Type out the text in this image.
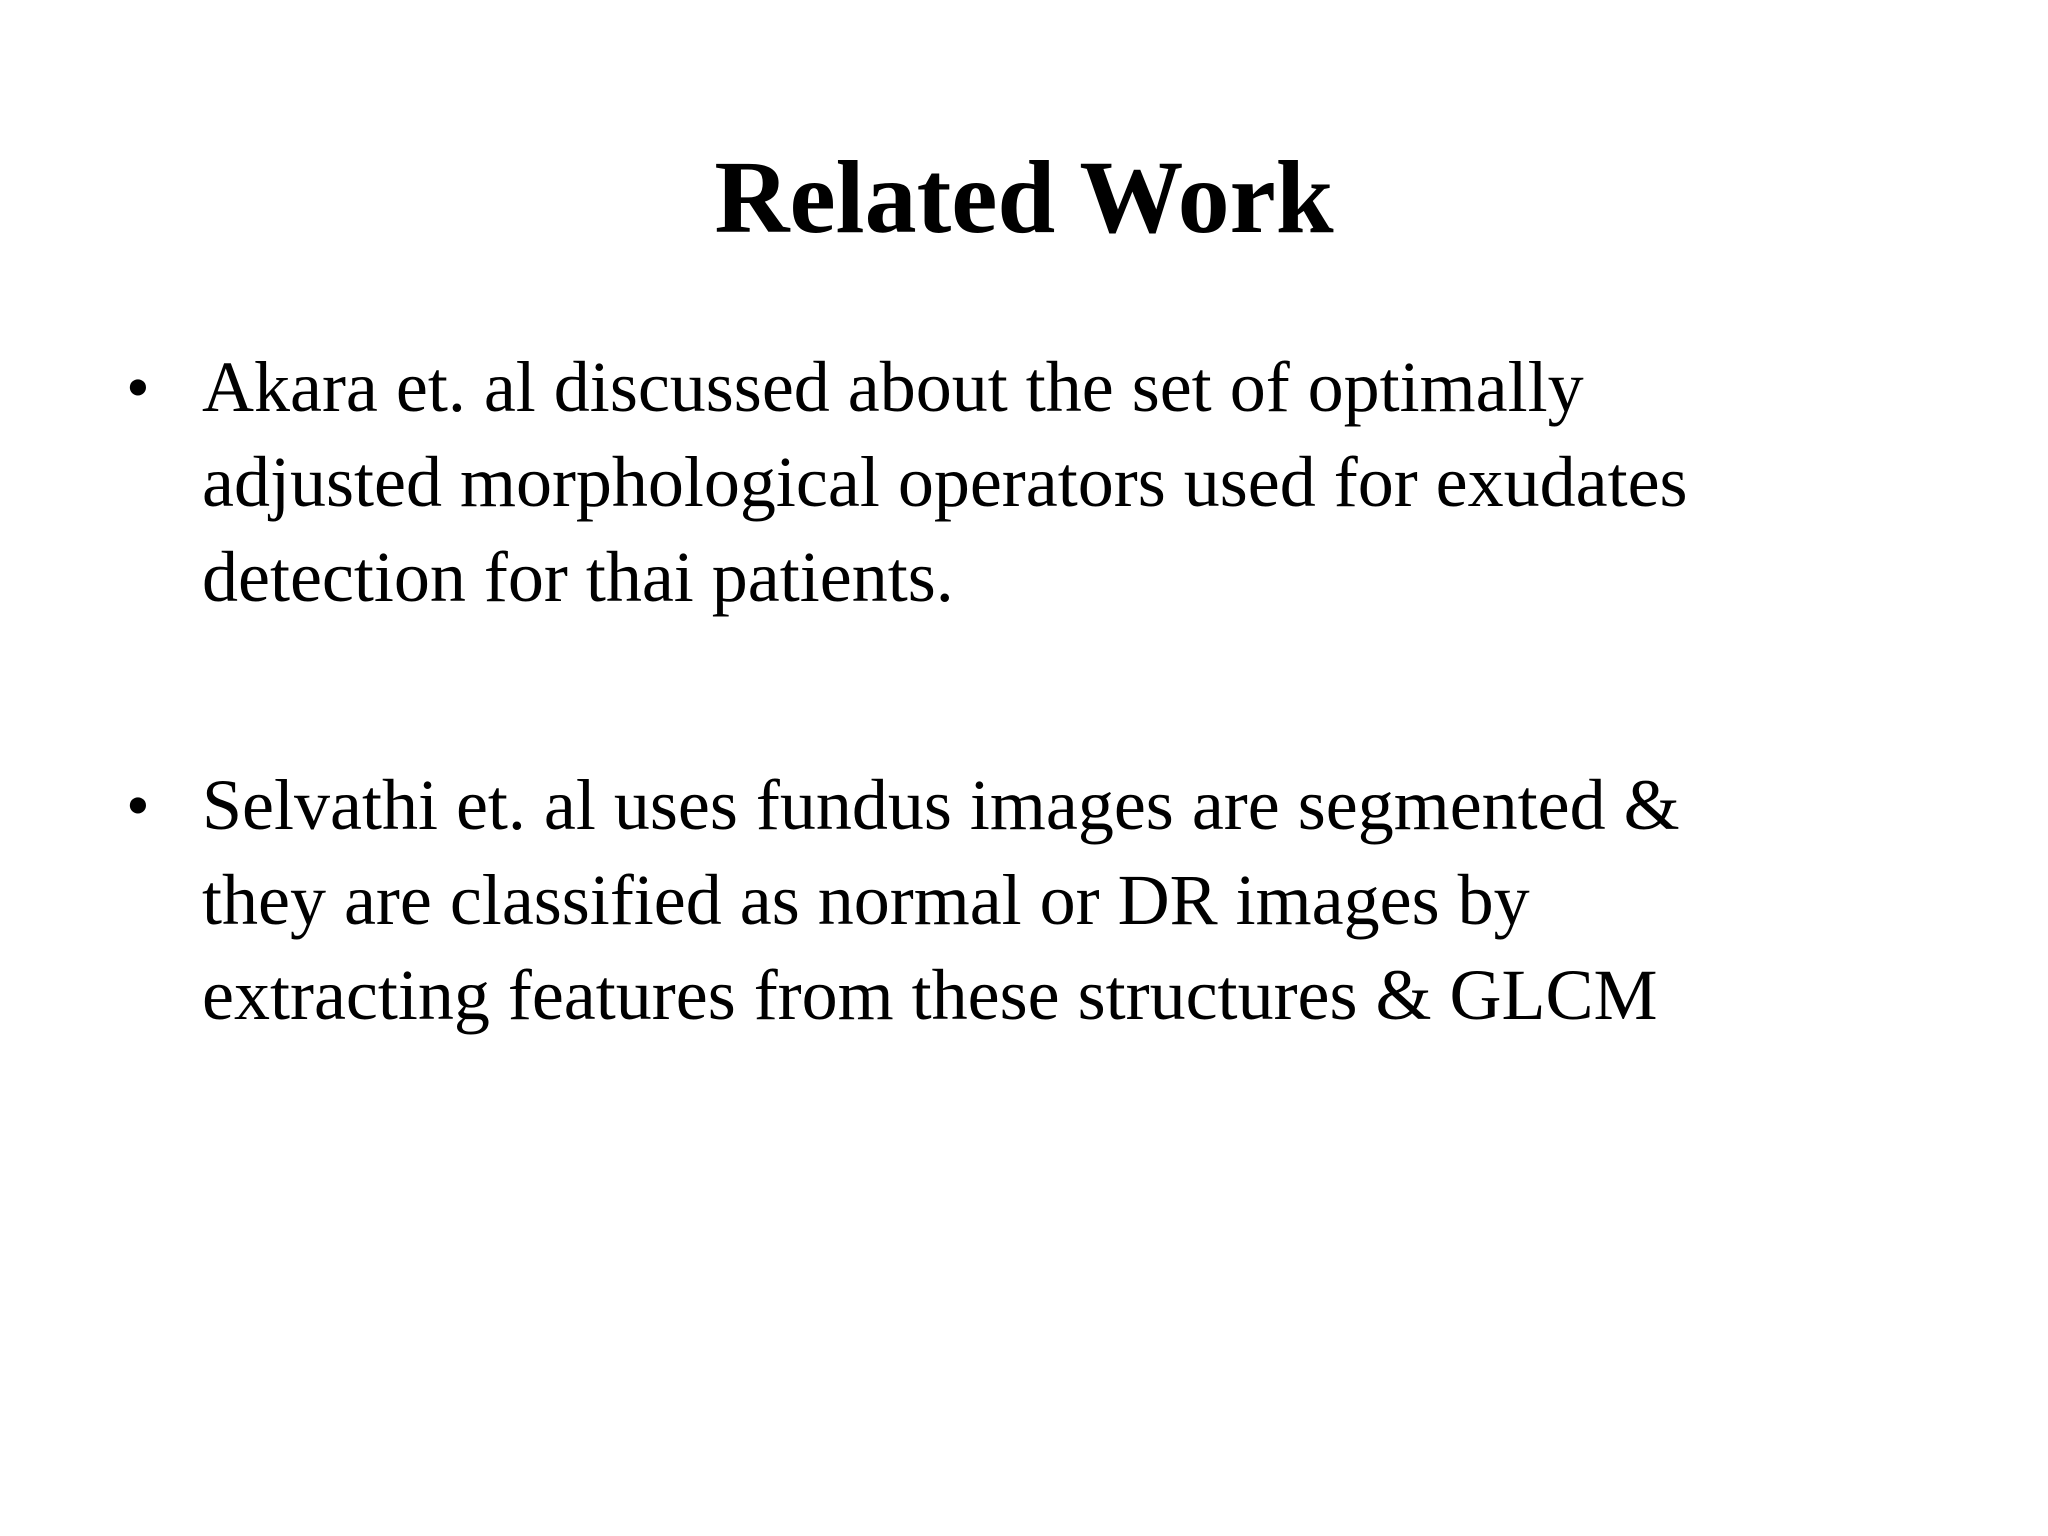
Related Work
• Akara et. al discussed about the set of optimally
adjusted morphological operators used for exudates
detection for thai patients.
• Selvathi et. al uses fundus images are segmented &
they are classified as normal or DR images by
extracting features from these structures & GLCM
